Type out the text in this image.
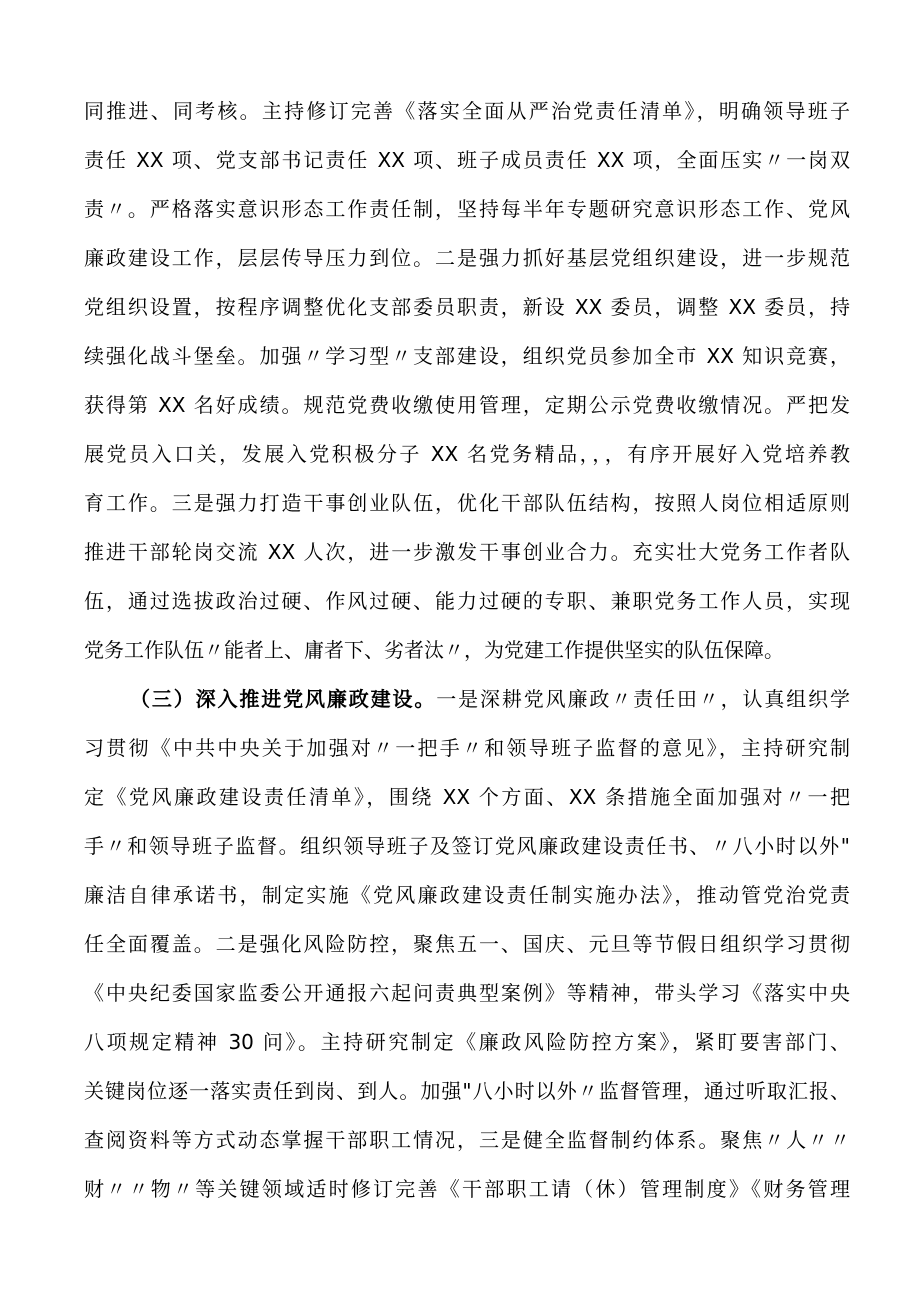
同推进、同考核。主持修订完善《落实全面从严治党责任清单》，明确领导班子
责任 XX 项、党支部书记责任 XX 项、班子成员责任 XX 项，全面压实〃一岗双
责〃。严格落实意识形态工作责任制，坚持每半年专题研究意识形态工作、党风
廉政建设工作，层层传导压力到位。二是强力抓好基层党组织建设，进一步规范
党组织设置，按程序调整优化支部委员职责，新设 XX 委员，调整 XX 委员，持
续强化战斗堡垒。加强〃学习型〃支部建设，组织党员参加全市 XX 知识竞赛，
获得第 XX 名好成绩。规范党费收缴使用管理，定期公示党费收缴情况。严把发
展党员入口关，发展入党积极分子 XX 名党务精品，，，有序开展好入党培养教
育工作。三是强力打造干事创业队伍，优化干部队伍结构，按照人岗位相适原则
推进干部轮岗交流 XX 人次，进一步激发干事创业合力。充实壮大党务工作者队
伍，通过选拔政治过硬、作风过硬、能力过硬的专职、兼职党务工作人员，实现
党务工作队伍〃能者上、庸者下、劣者汰〃，为党建工作提供坚实的队伍保障。
（三）深入推进党风廉政建设。一是深耕党风廉政〃责任田〃，认真组织学
习贯彻《中共中央关于加强对〃一把手〃和领导班子监督的意见》，主持研究制
定《党风廉政建设责任清单》，围绕 XX 个方面、XX 条措施全面加强对〃一把
手〃和领导班子监督。组织领导班子及签订党风廉政建设责任书、〃八小时以外"
廉洁自律承诺书，制定实施《党风廉政建设责任制实施办法》，推动管党治党责
任全面覆盖。二是强化风险防控，聚焦五一、国庆、元旦等节假日组织学习贯彻
《中央纪委国家监委公开通报六起问责典型案例》等精神，带头学习《落实中央
八项规定精神 30 问》。主持研究制定《廉政风险防控方案》，紧盯要害部门、
关键岗位逐一落实责任到岗、到人。加强"八小时以外〃监督管理，通过听取汇报、
查阅资料等方式动态掌握干部职工情况，三是健全监督制约体系。聚焦〃人〃〃
财〃〃物〃等关键领域适时修订完善《干部职工请（休）管理制度》《财务管理
